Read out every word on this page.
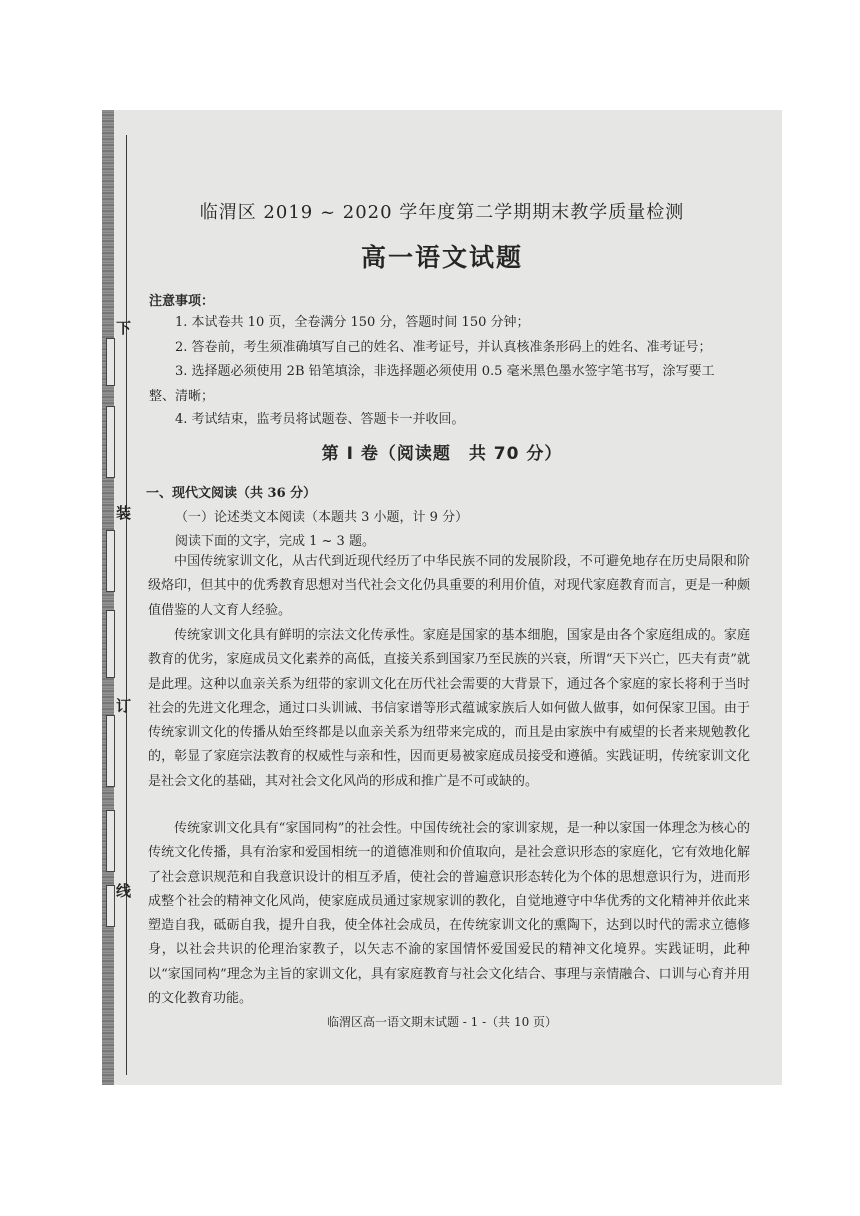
下
装
订
线
临渭区 2019 ~ 2020 学年度第二学期期末教学质量检测
高一语文试题
注意事项：
1. 本试卷共 10 页，全卷满分 150 分，答题时间 150 分钟；
2. 答卷前，考生须准确填写自己的姓名、准考证号，并认真核准条形码上的姓名、准考证号；
3. 选择题必须使用 2B 铅笔填涂，非选择题必须使用 0.5 毫米黑色墨水签字笔书写，涂写要工
整、清晰；
4. 考试结束，监考员将试题卷、答题卡一并收回。
第 Ⅰ 卷（阅读题　共 70 分）
一、现代文阅读（共 36 分）
（一）论述类文本阅读（本题共 3 小题，计 9 分）
阅读下面的文字，完成 1 ~ 3 题。

中国传统家训文化，从古代到近现代经历了中华民族不同的发展阶段，不可避免地存在历史局限和阶级烙印，但其中的优秀教育思想对当代社会文化仍具重要的利用价值，对现代家庭教育而言，更是一种颇值借鉴的人文育人经验。

传统家训文化具有鲜明的宗法文化传承性。家庭是国家的基本细胞，国家是由各个家庭组成的。家庭教育的优劣，家庭成员文化素养的高低，直接关系到国家乃至民族的兴衰，所谓“天下兴亡，匹夫有责”就是此理。这种以血亲关系为纽带的家训文化在历代社会需要的大背景下，通过各个家庭的家长将利于当时社会的先进文化理念，通过口头训诫、书信家谱等形式蕴诚家族后人如何做人做事，如何保家卫国。由于传统家训文化的传播从始至终都是以血亲关系为纽带来完成的，而且是由家族中有威望的长者来规勉教化的，彰显了家庭宗法教育的权威性与亲和性，因而更易被家庭成员接受和遵循。实践证明，传统家训文化是社会文化的基础，其对社会文化风尚的形成和推广是不可或缺的。

传统家训文化具有“家国同构”的社会性。中国传统社会的家训家规，是一种以家国一体理念为核心的传统文化传播，具有治家和爱国相统一的道德准则和价值取向，是社会意识形态的家庭化，它有效地化解了社会意识规范和自我意识设计的相互矛盾，使社会的普遍意识形态转化为个体的思想意识行为，进而形成整个社会的精神文化风尚，使家庭成员通过家规家训的教化，自觉地遵守中华优秀的文化精神并依此来塑造自我，砥砺自我，提升自我，使全体社会成员，在传统家训文化的熏陶下，达到以时代的需求立德修身，以社会共识的伦理治家教子，以矢志不渝的家国情怀爱国爱民的精神文化境界。实践证明，此种以“家国同构”理念为主旨的家训文化，具有家庭教育与社会文化结合、事理与亲情融合、口训与心育并用的文化教育功能。

临渭区高一语文期末试题 - 1 -（共 10 页）
